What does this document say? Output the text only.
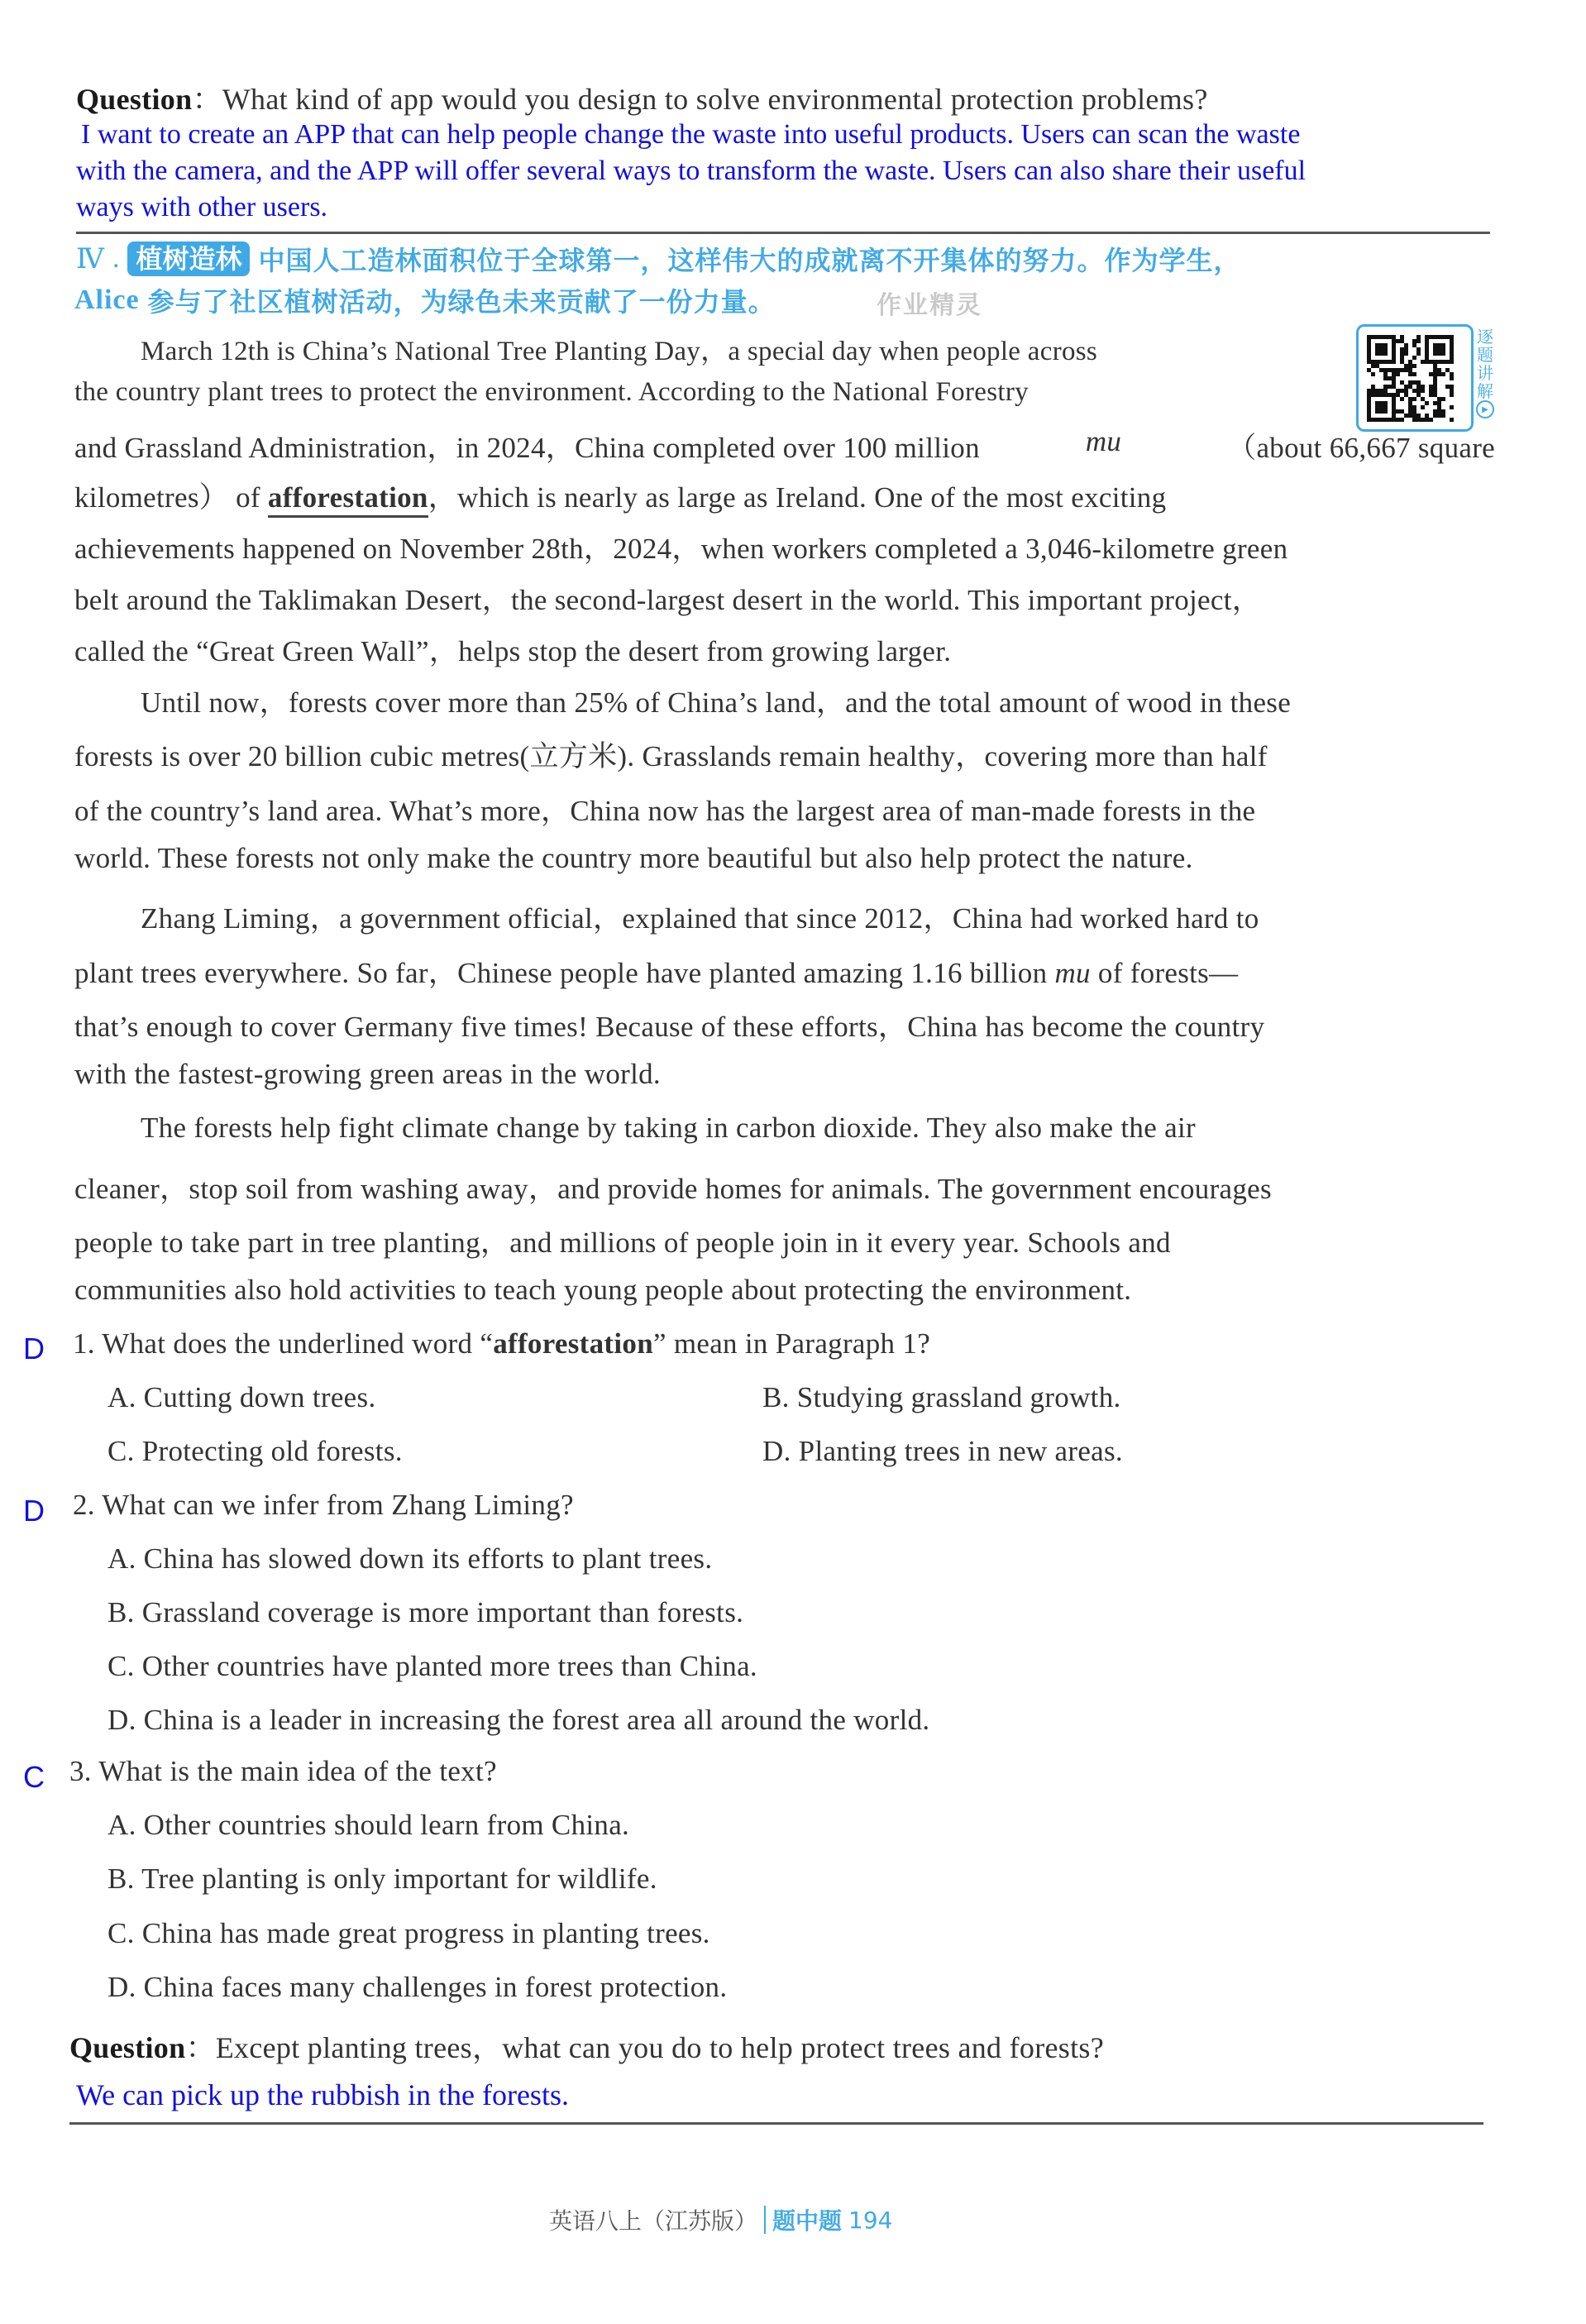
Question：What kind of app would you design to solve environmental protection problems?
I want to create an APP that can help people change the waste into useful products. Users can scan the waste
with the camera, and the APP will offer several ways to transform the waste. Users can also share their useful
ways with other users.
Ⅳ . 植树造林 中国人工造林面积位于全球第一，这样伟大的成就离不开集体的努力。作为学生，
Alice 参与了社区植树活动，为绿色未来贡献了一份力量。	作业精灵
逐
题
讲
解
▶
March 12th is China’s National Tree Planting Day，a special day when people across
the country plant trees to protect the environment. According to the National Forestry
and Grassland Administration，in 2024，China completed over 100 million	mu	（about 66,667 square
kilometres） of afforestation，which is nearly as large as Ireland. One of the most exciting
achievements happened on November 28th，2024，when workers completed a 3,046-kilometre green
belt around the Taklimakan Desert，the second-largest desert in the world. This important project，
called the “Great Green Wall”，helps stop the desert from growing larger.
Until now，forests cover more than 25% of China’s land，and the total amount of wood in these
forests is over 20 billion cubic metres(立方米). Grasslands remain healthy，covering more than half
of the country’s land area. What’s more，China now has the largest area of man-made forests in the
world. These forests not only make the country more beautiful but also help protect the nature.
Zhang Liming，a government official，explained that since 2012，China had worked hard to
plant trees everywhere. So far，Chinese people have planted amazing 1.16 billion mu of forests—
that’s enough to cover Germany five times! Because of these efforts，China has become the country
with the fastest-growing green areas in the world.
The forests help fight climate change by taking in carbon dioxide. They also make the air
cleaner，stop soil from washing away，and provide homes for animals. The government encourages
people to take part in tree planting，and millions of people join in it every year. Schools and
communities also hold activities to teach young people about protecting the environment.
D 1. What does the underlined word “afforestation” mean in Paragraph 1?
A. Cutting down trees.	B. Studying grassland growth.
C. Protecting old forests.	D. Planting trees in new areas.
D 2. What can we infer from Zhang Liming?
A. China has slowed down its efforts to plant trees.
B. Grassland coverage is more important than forests.
C. Other countries have planted more trees than China.
D. China is a leader in increasing the forest area all around the world.
C 3. What is the main idea of the text?
A. Other countries should learn from China.
B. Tree planting is only important for wildlife.
C. China has made great progress in planting trees.
D. China faces many challenges in forest protection.
Question：Except planting trees，what can you do to help protect trees and forests?
We can pick up the rubbish in the forests.
英语八上（江苏版） 题中题 194
